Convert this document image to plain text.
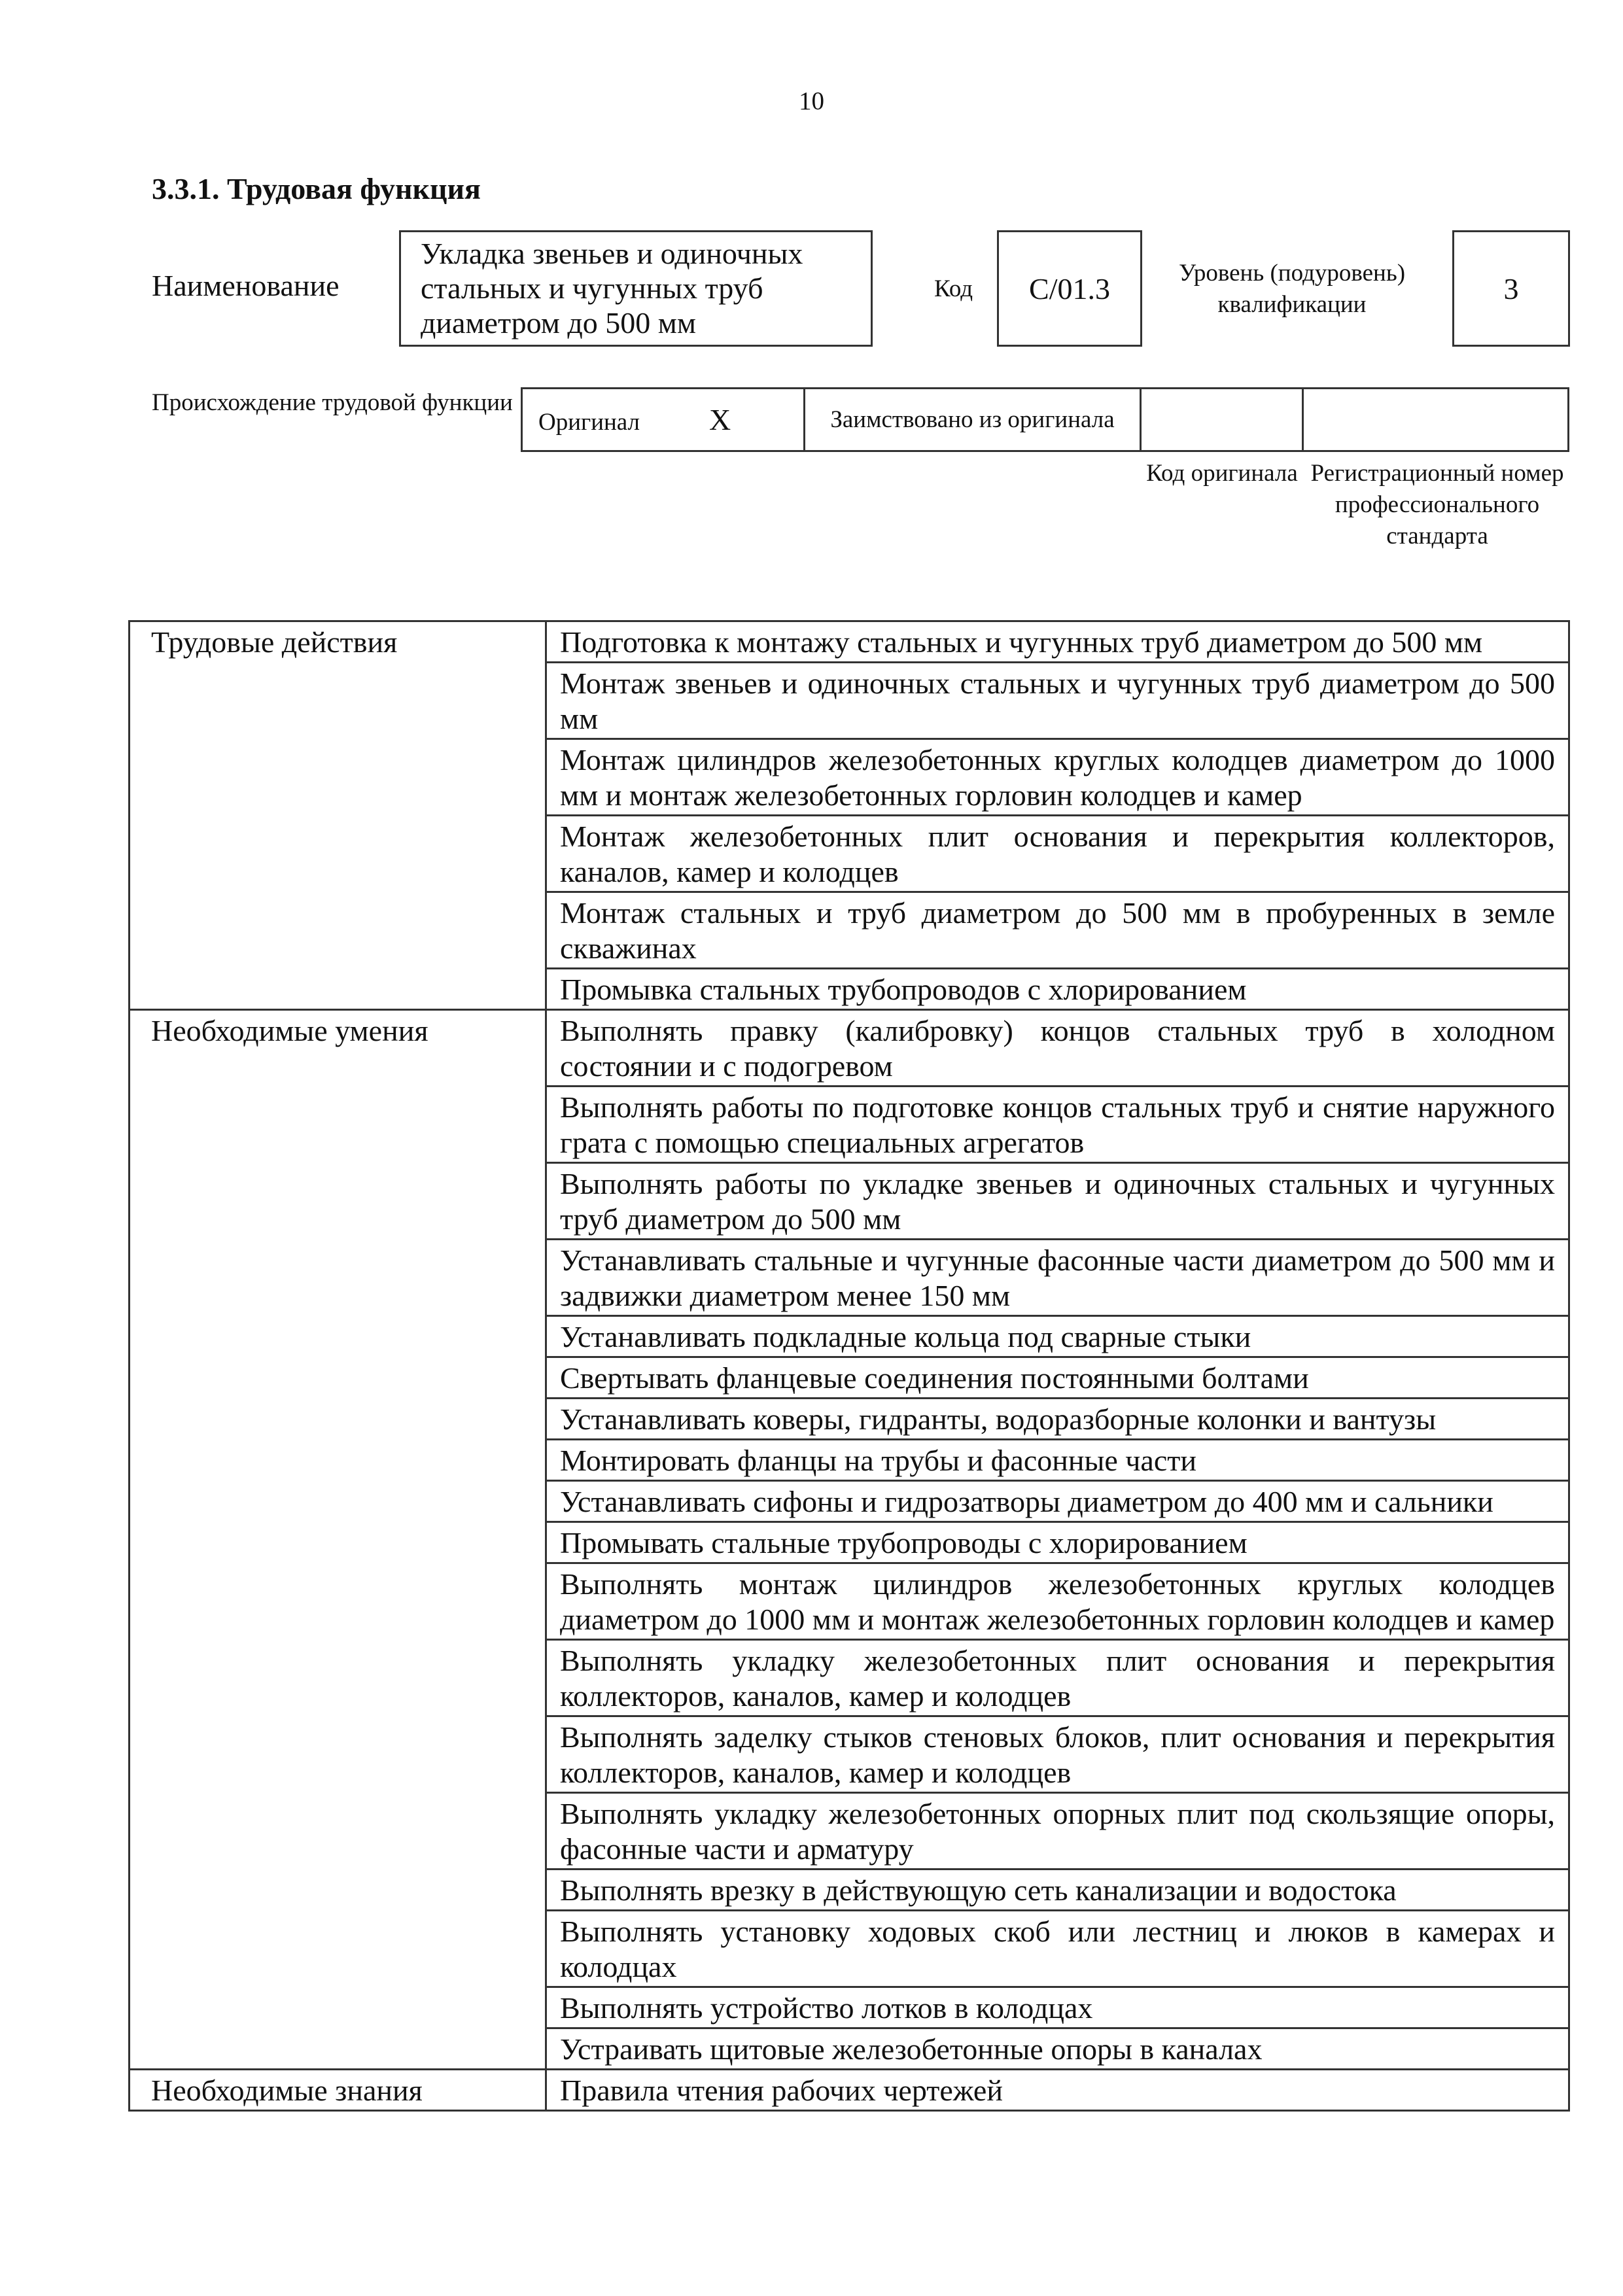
10
3.3.1. Трудовая функция
Наименование
Укладка звеньев и одиночных стальных и чугунных труб диаметром до 500 мм
Код	С/01.3	Уровень (подуровень) квалификации	3
Происхождение трудовой функции
Оригинал X	Заимствовано из оригинала		
Код оригинала Регистрационный номер профессионального стандарта
Трудовые действия	Подготовка к монтажу стальных и чугунных труб диаметром до 500 мм
	Монтаж звеньев и одиночных стальных и чугунных труб диаметром до 500 мм
	Монтаж цилиндров железобетонных круглых колодцев диаметром до 1000 мм и монтаж железобетонных горловин колодцев и камер
	Монтаж железобетонных плит основания и перекрытия коллекторов, каналов, камер и колодцев
	Монтаж стальных и труб диаметром до 500 мм в пробуренных в земле скважинах
	Промывка стальных трубопроводов с хлорированием
Необходимые умения	Выполнять правку (калибровку) концов стальных труб в холодном состоянии и с подогревом
	Выполнять работы по подготовке концов стальных труб и снятие наружного грата с помощью специальных агрегатов
	Выполнять работы по укладке звеньев и одиночных стальных и чугунных труб диаметром до 500 мм
	Устанавливать стальные и чугунные фасонные части диаметром до 500 мм и задвижки диаметром менее 150 мм
	Устанавливать подкладные кольца под сварные стыки
	Свертывать фланцевые соединения постоянными болтами
	Устанавливать коверы, гидранты, водоразборные колонки и вантузы
	Монтировать фланцы на трубы и фасонные части
	Устанавливать сифоны и гидрозатворы диаметром до 400 мм и сальники
	Промывать стальные трубопроводы с хлорированием
	Выполнять монтаж цилиндров железобетонных круглых колодцев диаметром до 1000 мм и монтаж железобетонных горловин колодцев и камер
	Выполнять укладку железобетонных плит основания и перекрытия коллекторов, каналов, камер и колодцев
	Выполнять заделку стыков стеновых блоков, плит основания и перекрытия коллекторов, каналов, камер и колодцев
	Выполнять укладку железобетонных опорных плит под скользящие опоры, фасонные части и арматуру
	Выполнять врезку в действующую сеть канализации и водостока
	Выполнять установку ходовых скоб или лестниц и люков в камерах и колодцах
	Выполнять устройство лотков в колодцах
	Устраивать щитовые железобетонные опоры в каналах
Необходимые знания	Правила чтения рабочих чертежей
